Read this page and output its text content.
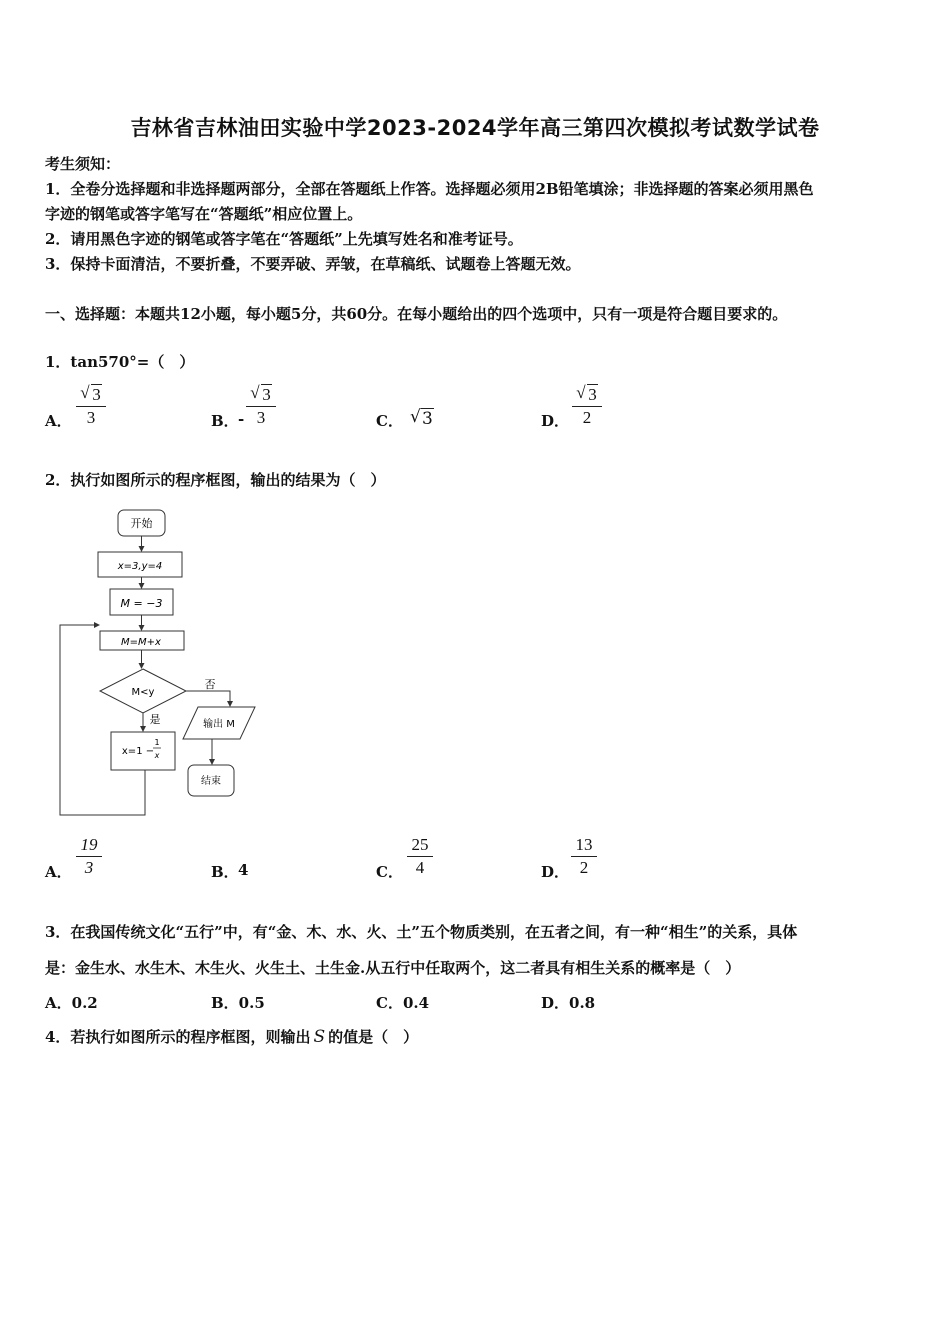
吉林省吉林油田实验中学2023-2024学年高三第四次模拟考试数学试卷
考生须知：
1．全卷分选择题和非选择题两部分，全部在答题纸上作答。选择题必须用2B铅笔填涂；非选择题的答案必须用黑色
字迹的钢笔或答字笔写在“答题纸”相应位置上。
2．请用黑色字迹的钢笔或答字笔在“答题纸”上先填写姓名和准考证号。
3．保持卡面清洁，不要折叠，不要弄破、弄皱，在草稿纸、试题卷上答题无效。
一、选择题：本题共12小题，每小题5分，共60分。在每小题给出的四个选项中，只有一项是符合题目要求的。
1．tan570°=（　）
A．
√ 3
3	B． -
√ 3
3	C． √ 3	D．
√ 3
2
2．执行如图所示的程序框图，输出的结果为（　）
开始
x=3,y=4
M = −3
M=M+x
M<y
否
输出 M
结束
是
x=1 −
1
x
A．
19
3	B． 4	C．
25
4	D．
13
2
3．在我国传统文化“五行”中，有“金、木、水、火、土”五个物质类别，在五者之间，有一种“相生”的关系，具体
是：金生水、水生木、木生火、火生土、土生金.从五行中任取两个，这二者具有相生关系的概率是（　）
A．0.2	B．0.5	C．0.4	D．0.8
4．若执行如图所示的程序框图，则输出 S 的值是（　）
